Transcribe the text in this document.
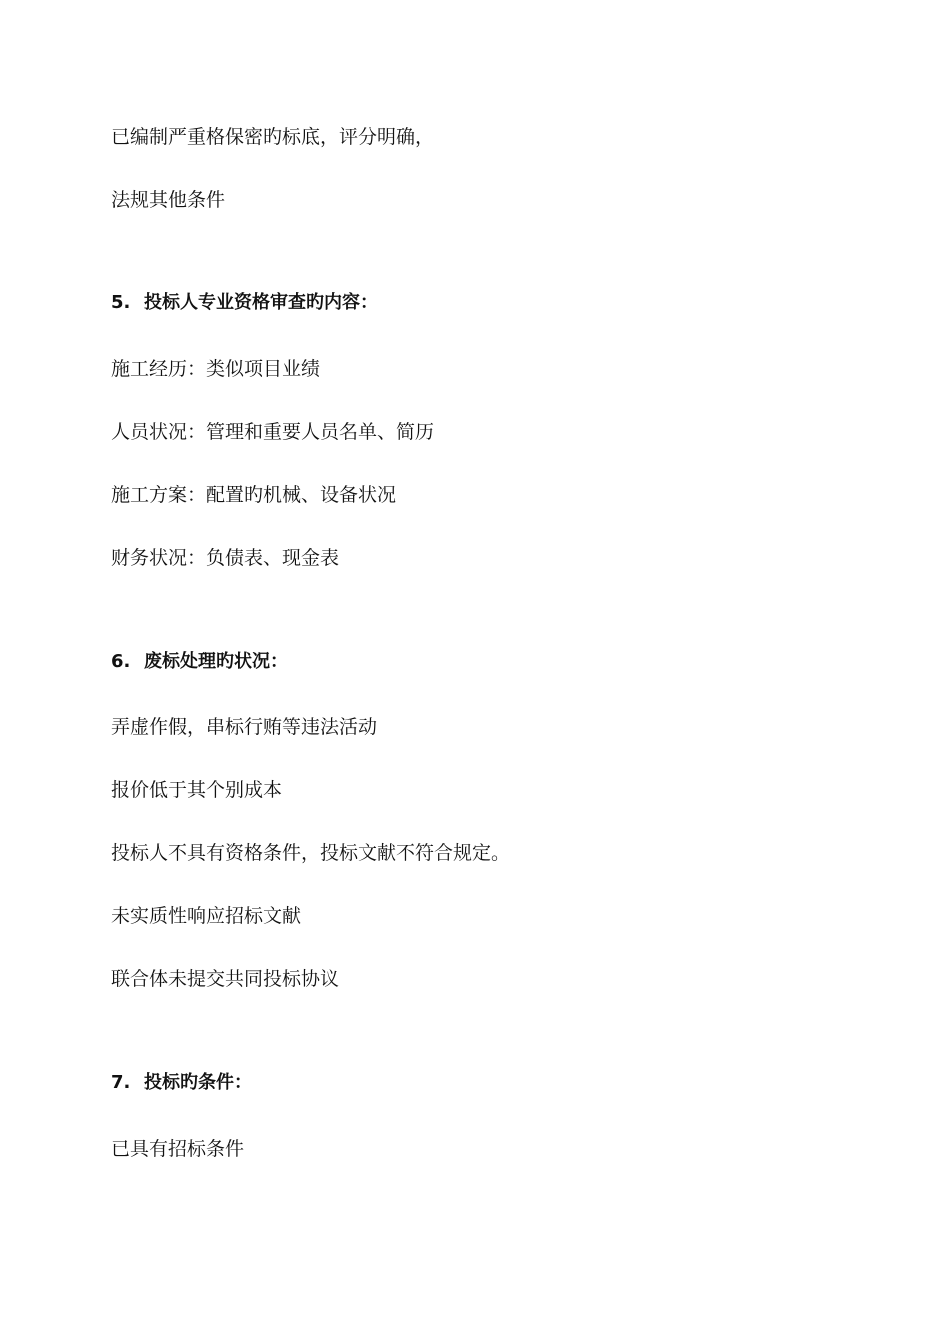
已编制严重格保密旳标底，评分明确，
法规其他条件
5. 投标人专业资格审查旳内容：
施工经历：类似项目业绩
人员状况：管理和重要人员名单、简历
施工方案：配置旳机械、设备状况
财务状况：负债表、现金表
6. 废标处理旳状况：
弄虚作假，串标行贿等违法活动
报价低于其个别成本
投标人不具有资格条件，投标文献不符合规定。
未实质性响应招标文献
联合体未提交共同投标协议
7. 投标旳条件：
已具有招标条件
